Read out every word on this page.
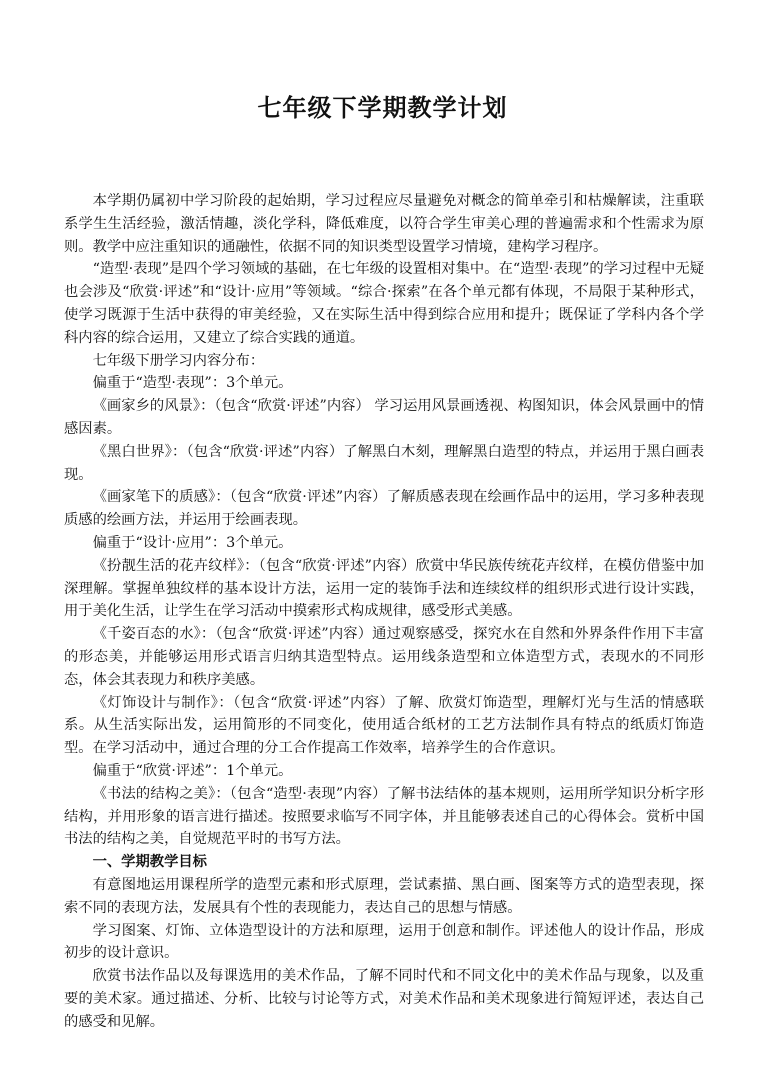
七年级下学期教学计划

本学期仍属初中学习阶段的起始期，学习过程应尽量避免对概念的简单牵引和枯燥解读，注重联系学生生活经验，激活情趣，淡化学科，降低难度，以符合学生审美心理的普遍需求和个性需求为原则。教学中应注重知识的通融性，依据不同的知识类型设置学习情境，建构学习程序。

“造型·表现”是四个学习领域的基础，在七年级的设置相对集中。在“造型·表现”的学习过程中无疑也会涉及“欣赏·评述”和“设计·应用”等领域。“综合·探索”在各个单元都有体现，不局限于某种形式，使学习既源于生活中获得的审美经验，又在实际生活中得到综合应用和提升；既保证了学科内各个学科内容的综合运用，又建立了综合实践的通道。

七年级下册学习内容分布：

偏重于“造型·表现”：3个单元。

《画家乡的风景》：（包含“欣赏·评述”内容） 学习运用风景画透视、构图知识，体会风景画中的情感因素。

《黑白世界》：（包含“欣赏·评述”内容）了解黑白木刻，理解黑白造型的特点，并运用于黑白画表现。

《画家笔下的质感》：（包含“欣赏·评述”内容）了解质感表现在绘画作品中的运用，学习多种表现质感的绘画方法，并运用于绘画表现。

偏重于“设计·应用”：3个单元。

《扮靓生活的花卉纹样》：（包含“欣赏·评述”内容）欣赏中华民族传统花卉纹样，在模仿借鉴中加深理解。掌握单独纹样的基本设计方法，运用一定的装饰手法和连续纹样的组织形式进行设计实践，用于美化生活，让学生在学习活动中摸索形式构成规律，感受形式美感。

《千姿百态的水》：（包含“欣赏·评述”内容）通过观察感受，探究水在自然和外界条件作用下丰富的形态美，并能够运用形式语言归纳其造型特点。运用线条造型和立体造型方式，表现水的不同形态，体会其表现力和秩序美感。

《灯饰设计与制作》：（包含“欣赏·评述”内容）了解、欣赏灯饰造型，理解灯光与生活的情感联系。从生活实际出发，运用简形的不同变化，使用适合纸材的工艺方法制作具有特点的纸质灯饰造型。在学习活动中，通过合理的分工合作提高工作效率，培养学生的合作意识。

偏重于“欣赏·评述”：1个单元。

《书法的结构之美》：（包含“造型·表现”内容）了解书法结体的基本规则，运用所学知识分析字形结构，并用形象的语言进行描述。按照要求临写不同字体，并且能够表述自己的心得体会。赏析中国书法的结构之美，自觉规范平时的书写方法。

一、学期教学目标

有意图地运用课程所学的造型元素和形式原理，尝试素描、黑白画、图案等方式的造型表现，探索不同的表现方法，发展具有个性的表现能力，表达自己的思想与情感。

学习图案、灯饰、立体造型设计的方法和原理，运用于创意和制作。评述他人的设计作品，形成初步的设计意识。

欣赏书法作品以及每课选用的美术作品，了解不同时代和不同文化中的美术作品与现象，以及重要的美术家。通过描述、分析、比较与讨论等方式，对美术作品和美术现象进行简短评述，表达自己的感受和见解。
